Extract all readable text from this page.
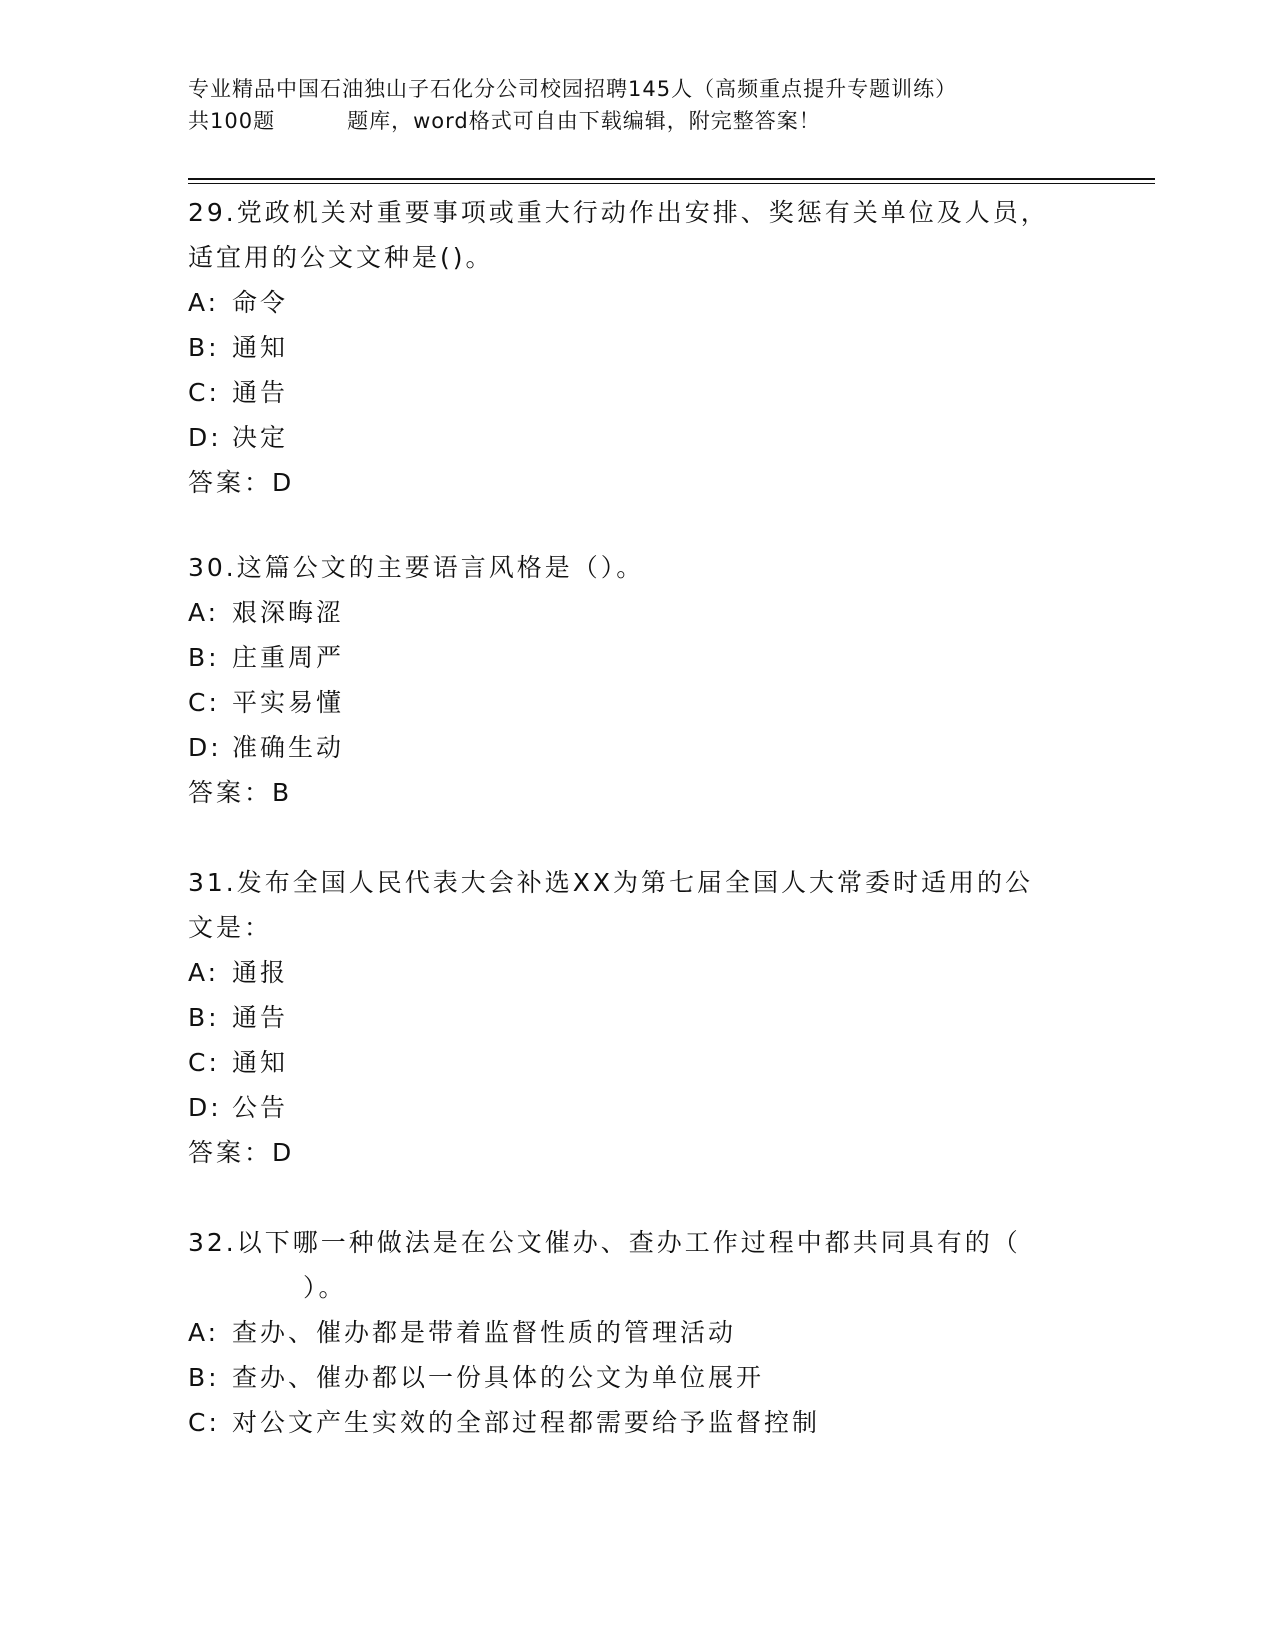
专业精品中国石油独山子石化分公司校园招聘145人（高频重点提升专题训练）
共100题	题库，word格式可自由下载编辑，附完整答案！

29.党政机关对重要事项或重大行动作出安排、奖惩有关单位及人员，

适宜用的公文文种是()。

A: 命令

B: 通知

C: 通告

D: 决定

答案：D

30.这篇公文的主要语言风格是（）。

A: 艰深晦涩

B: 庄重周严

C: 平实易懂

D: 准确生动

答案：B

31.发布全国人民代表大会补选XX为第七届全国人大常委时适用的公

文是：

A: 通报

B: 通告

C: 通知

D: 公告

答案：D

32.以下哪一种做法是在公文催办、查办工作过程中都共同具有的（

）。

A: 查办、催办都是带着监督性质的管理活动

B: 查办、催办都以一份具体的公文为单位展开

C: 对公文产生实效的全部过程都需要给予监督控制
